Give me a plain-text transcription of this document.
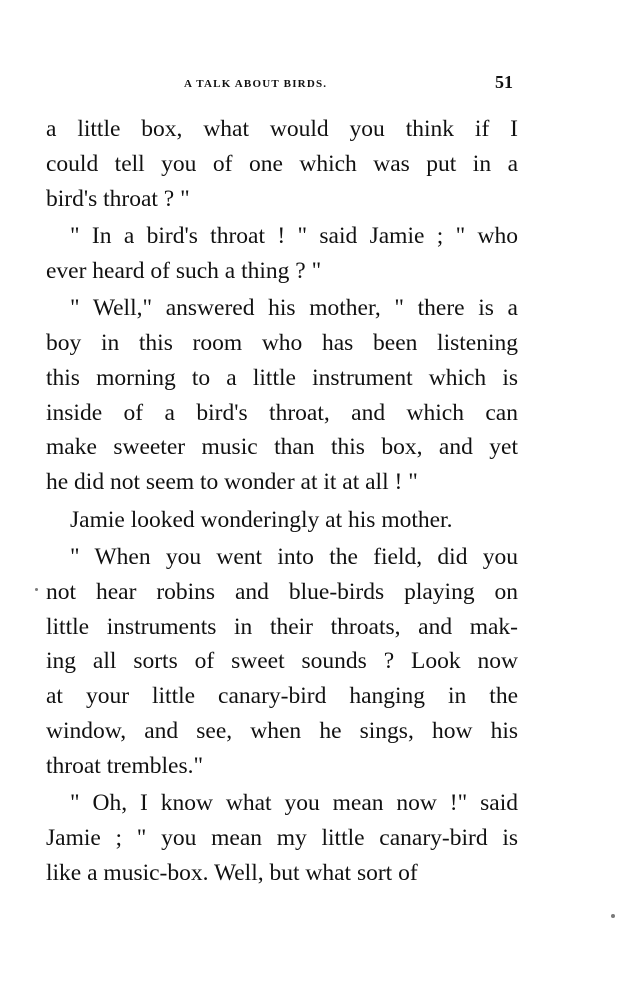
A TALK ABOUT BIRDS.	51
a little box, what would you think if I
could tell you of one which was put in a
bird's throat ? "
" In a bird's throat ! " said Jamie ; " who
ever heard of such a thing ? "
" Well," answered his mother, " there is a
boy in this room who has been listening
this morning to a little instrument which is
inside of a bird's throat, and which can
make sweeter music than this box, and yet
he did not seem to wonder at it at all ! "
Jamie looked wonderingly at his mother.
" When you went into the field, did you
not hear robins and blue-birds playing on
little instruments in their throats, and mak-
ing all sorts of sweet sounds ? Look now
at your little canary-bird hanging in the
window, and see, when he sings, how his
throat trembles."
" Oh, I know what you mean now !" said
Jamie ; " you mean my little canary-bird is
like a music-box. Well, but what sort of
